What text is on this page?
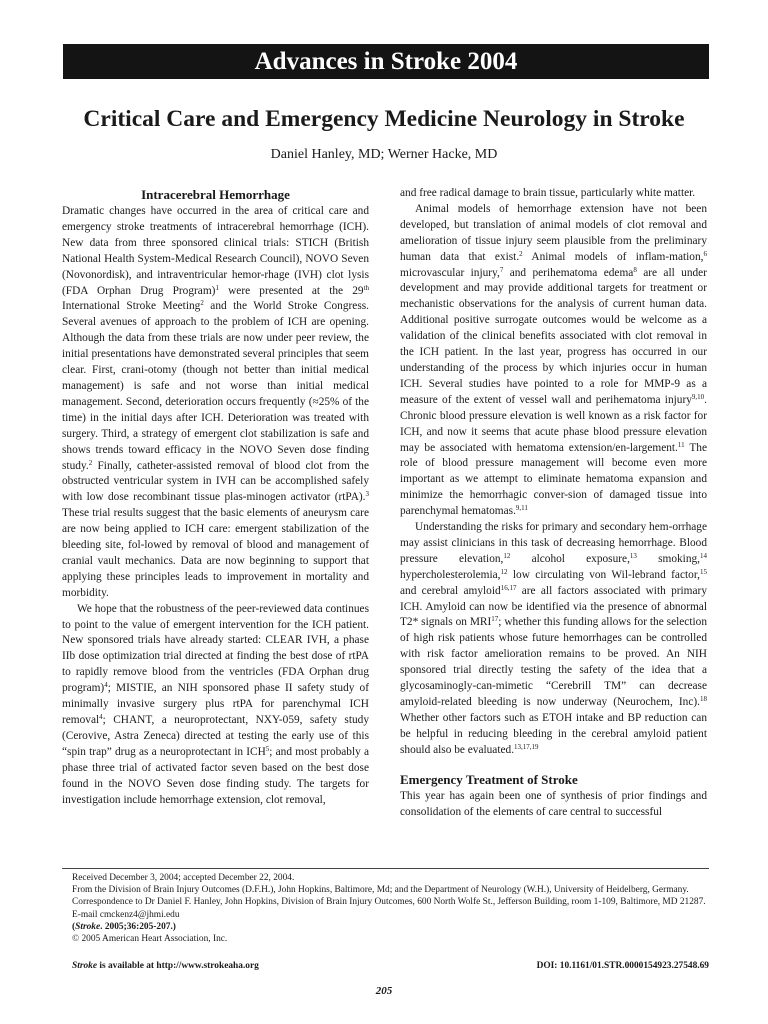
Advances in Stroke 2004
Critical Care and Emergency Medicine Neurology in Stroke
Daniel Hanley, MD; Werner Hacke, MD
Intracerebral Hemorrhage

Dramatic changes have occurred in the area of critical care and emergency stroke treatments of intracerebral hemorrhage (ICH). New data from three sponsored clinical trials: STICH (British National Health System-Medical Research Council), NOVO Seven (Novonordisk), and intraventricular hemor-rhage (IVH) clot lysis (FDA Orphan Drug Program)$^1$ were presented at the 29th International Stroke Meeting$^2$ and the World Stroke Congress. Several avenues of approach to the problem of ICH are opening. Although the data from these trials are now under peer review, the initial presentations have demonstrated several principles that seem clear. First, crani-otomy (though not better than initial medical management) is safe and not worse than initial medical management. Second, deterioration occurs frequently (≈25% of the time) in the initial days after ICH. Deterioration was treated with surgery. Third, a strategy of emergent clot stabilization is safe and shows trends toward efficacy in the NOVO Seven dose finding study.$^2$ Finally, catheter-assisted removal of blood clot from the obstructed ventricular system in IVH can be accomplished safely with low dose recombinant tissue plas-minogen activator (rtPA).$^3$ These trial results suggest that the basic elements of aneurysm care are now being applied to ICH care: emergent stabilization of the bleeding site, fol-lowed by removal of blood and management of cranial vault mechanics. Data are now beginning to support that applying these principles leads to improvement in mortality and morbidity.

We hope that the robustness of the peer-reviewed data continues to point to the value of emergent intervention for the ICH patient. New sponsored trials have already started: CLEAR IVH, a phase IIb dose optimization trial directed at finding the best dose of rtPA to rapidly remove blood from the ventricles (FDA Orphan drug program)$^4$; MISTIE, an NIH sponsored phase II safety study of minimally invasive surgery plus rtPA for parenchymal ICH removal$^4$; CHANT, a neuroprotectant, NXY-059, safety study (Cerovive, Astra Zeneca) directed at testing the early use of this “spin trap” drug as a neuroprotectant in ICH$^5$; and most probably a phase three trial of activated factor seven based on the best dose found in the NOVO Seven dose finding study. The targets for investigation include hemorrhage extension, clot removal,

and free radical damage to brain tissue, particularly white matter.

Animal models of hemorrhage extension have not been developed, but translation of animal models of clot removal and amelioration of tissue injury seem plausible from the preliminary human data that exist.$^2$ Animal models of inflam-mation,$^6$ microvascular injury,$^7$ and perihematoma edema$^8$ are all under development and may provide additional targets for treatment or mechanistic observations for the analysis of current human data. Additional positive surrogate outcomes would be welcome as a validation of the clinical benefits associated with clot removal in the ICH patient. In the last year, progress has occurred in our understanding of the process by which injuries occur in human ICH. Several studies have pointed to a role for MMP-9 as a measure of the extent of vessel wall and perihematoma injury$^{9,10}$. Chronic blood pressure elevation is well known as a risk factor for ICH, and now it seems that acute phase blood pressure elevation may be associated with hematoma extension/en-largement.$^{11}$ The role of blood pressure management will become even more important as we attempt to eliminate hematoma expansion and minimize the hemorrhagic conver-sion of damaged tissue into parenchymal hematomas.$^{9,11}$

Understanding the risks for primary and secondary hem-orrhage may assist clinicians in this task of decreasing hemorrhage. Blood pressure elevation,$^{12}$ alcohol exposure,$^{13}$ smoking,$^{14}$ hypercholesterolemia,$^{12}$ low circulating von Wil-lebrand factor,$^{15}$ and cerebral amyloid$^{16,17}$ are all factors associated with primary ICH. Amyloid can now be identified via the presence of abnormal T2* signals on MRI$^{17}$; whether this funding allows for the selection of high risk patients whose future hemorrhages can be controlled with risk factor amelioration remains to be proved. An NIH sponsored trial directly testing the safety of the idea that a glycosaminogly-can-mimetic “Cerebrill TM” can decrease amyloid-related bleeding is now underway (Neurochem, Inc).$^{18}$ Whether other factors such as ETOH intake and BP reduction can be helpful in reducing bleeding in the cerebral amyloid patient should also be evaluated.$^{13,17,19}$

Emergency Treatment of Stroke

This year has again been one of synthesis of prior findings and consolidation of the elements of care central to successful

Received December 3, 2004; accepted December 22, 2004.

From the Division of Brain Injury Outcomes (D.F.H.), John Hopkins, Baltimore, Md; and the Department of Neurology (W.H.), University of Heidelberg, Germany.

Correspondence to Dr Daniel F. Hanley, John Hopkins, Division of Brain Injury Outcomes, 600 North Wolfe St., Jefferson Building, room 1-109, Baltimore, MD 21287. E-mail cmckenz4@jhmi.edu

(Stroke. 2005;36:205-207.)

© 2005 American Heart Association, Inc.

Stroke is available at http://www.strokeaha.org	DOI: 10.1161/01.STR.0000154923.27548.69
205
